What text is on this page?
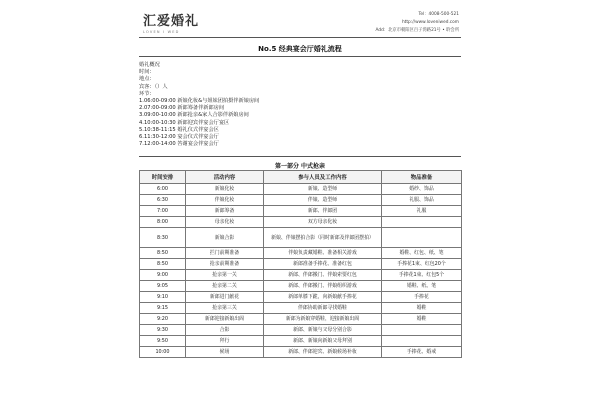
汇爱婚礼
LOVEN I WED
Tel：4008-500-521
http://www.loveniwed.com
Add：北京市朝阳区百子湾路21号 • 聆会所
No.5 经典宴会厅婚礼流程
婚礼概况
时间：
地点：
宾客：（）人
环节：
1.06:00-09:00 新娘化妆&与姐妹团拍摄伴新娘房间
2.07:00-09:00 新郎筹备伴新郎房间
3.09:00-10:00 新郎抢亲&家人合影伴新娘房间
4.10:00-10:30 新郎迎宾伴宴会厅宴区
5.10:38-11:15 婚礼仪式伴宴会区
6.11:30-12:00 宴会仪式伴宴会厅
7.12:00-14:00 答谢宴会伴宴会厅
第一部分 中式抢亲
时间安排	活动内容	参与人员及工作内容	物品准备
6:00	新娘化妆	新娘、造型师	婚纱、饰品
6:30	伴娘化妆	伴娘、造型师	礼服、饰品
7:00	新郎筹备	新郎、伴郎团	礼服
8:00	母亲化妆	双方母亲化妆	
8:30	新娘合影	新娘、伴娘摆拍合影（同时新郎及伴郎团摆拍）	
8:50	拦门前期准备	伴娘负责藏婚鞋、准备相关游戏	婚鞋、红包、纸、笔
8:50	抢亲前期准备	新郎准备手捧花、准备红包	手捧花1束、红包20个
9:00	抢亲第一关	新郎、伴郎搬门、伴娘索要红包	手捧花1束、红包5个
9:05	抢亲第二关	新郎、伴郎搬门、伴娘组织游戏	婚鞋、纸、笔
9:10	新郎进门献花	新郎单膝下跪，向新娘献手捧花	手捧花
9:15	抢亲第三关	伴郎协助新郎寻找婚鞋	婚鞋
9:20	新郎迎接新娘出阁	新郎为新娘穿婚鞋，迎接新娘出阁	婚鞋
9:30	合影	新郎、新娘与父母分别合影	
9:50	拜行	新郎、新娘向新娘父母拜别	
10:00	候场	新郎、伴郎迎宾、新娘候场补妆	手捧花、婚戒
